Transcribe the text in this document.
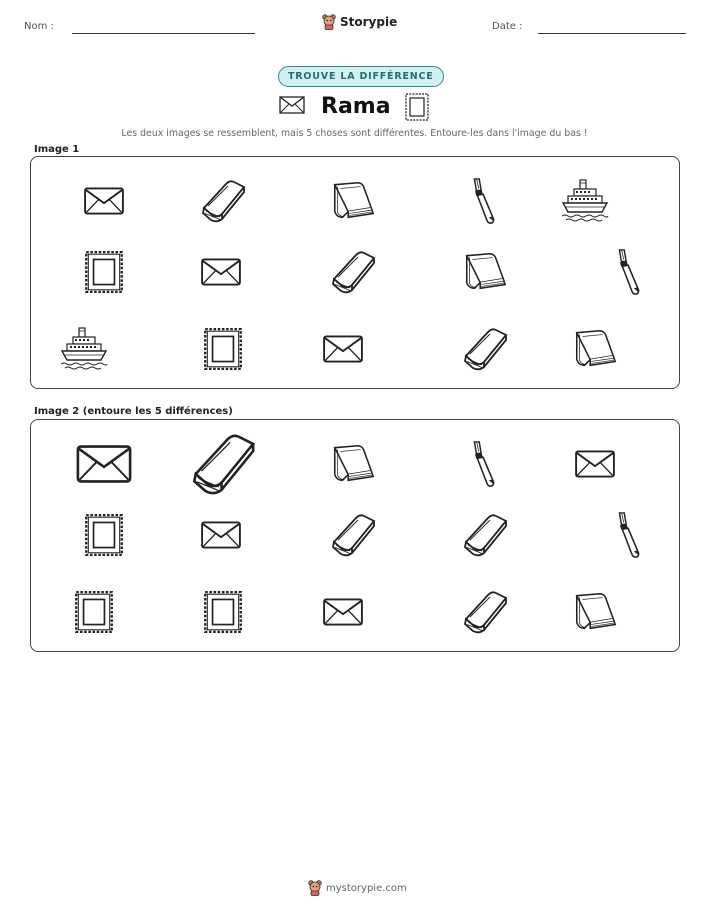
Nom :	Storypie	Date :
TROUVE LA DIFFÉRENCE
Rama
Les deux images se ressemblent, mais 5 choses sont différentes. Entoure-les dans l'image du bas !
Image 1
Image 2 (entoure les 5 différences)
mystorypie.com
